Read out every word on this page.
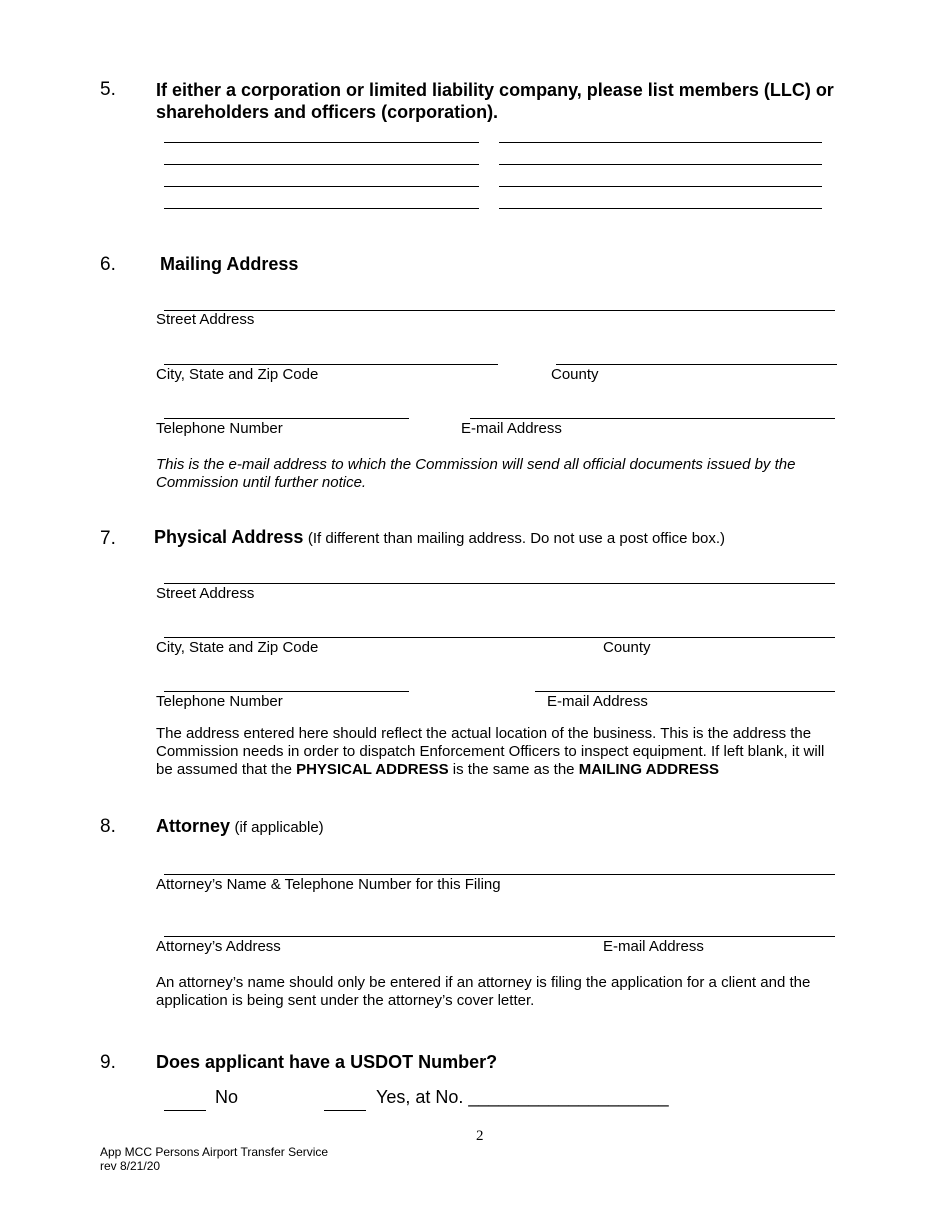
5. If either a corporation or limited liability company, please list members (LLC) or shareholders and officers (corporation).
6. Mailing Address
Street Address
City, State and Zip Code	County
Telephone Number	E-mail Address
This is the e-mail address to which the Commission will send all official documents issued by the Commission until further notice.
7. Physical Address (If different than mailing address. Do not use a post office box.)
Street Address
City, State and Zip Code	County
Telephone Number	E-mail Address
The address entered here should reflect the actual location of the business. This is the address the Commission needs in order to dispatch Enforcement Officers to inspect equipment. If left blank, it will be assumed that the PHYSICAL ADDRESS is the same as the MAILING ADDRESS
8. Attorney (if applicable)
Attorney’s Name & Telephone Number for this Filing
Attorney’s Address	E-mail Address
An attorney’s name should only be entered if an attorney is filing the application for a client and the application is being sent under the attorney’s cover letter.
9. Does applicant have a USDOT Number?
No	Yes, at No. ____________________
2
App MCC Persons Airport Transfer Service
rev 8/21/20
